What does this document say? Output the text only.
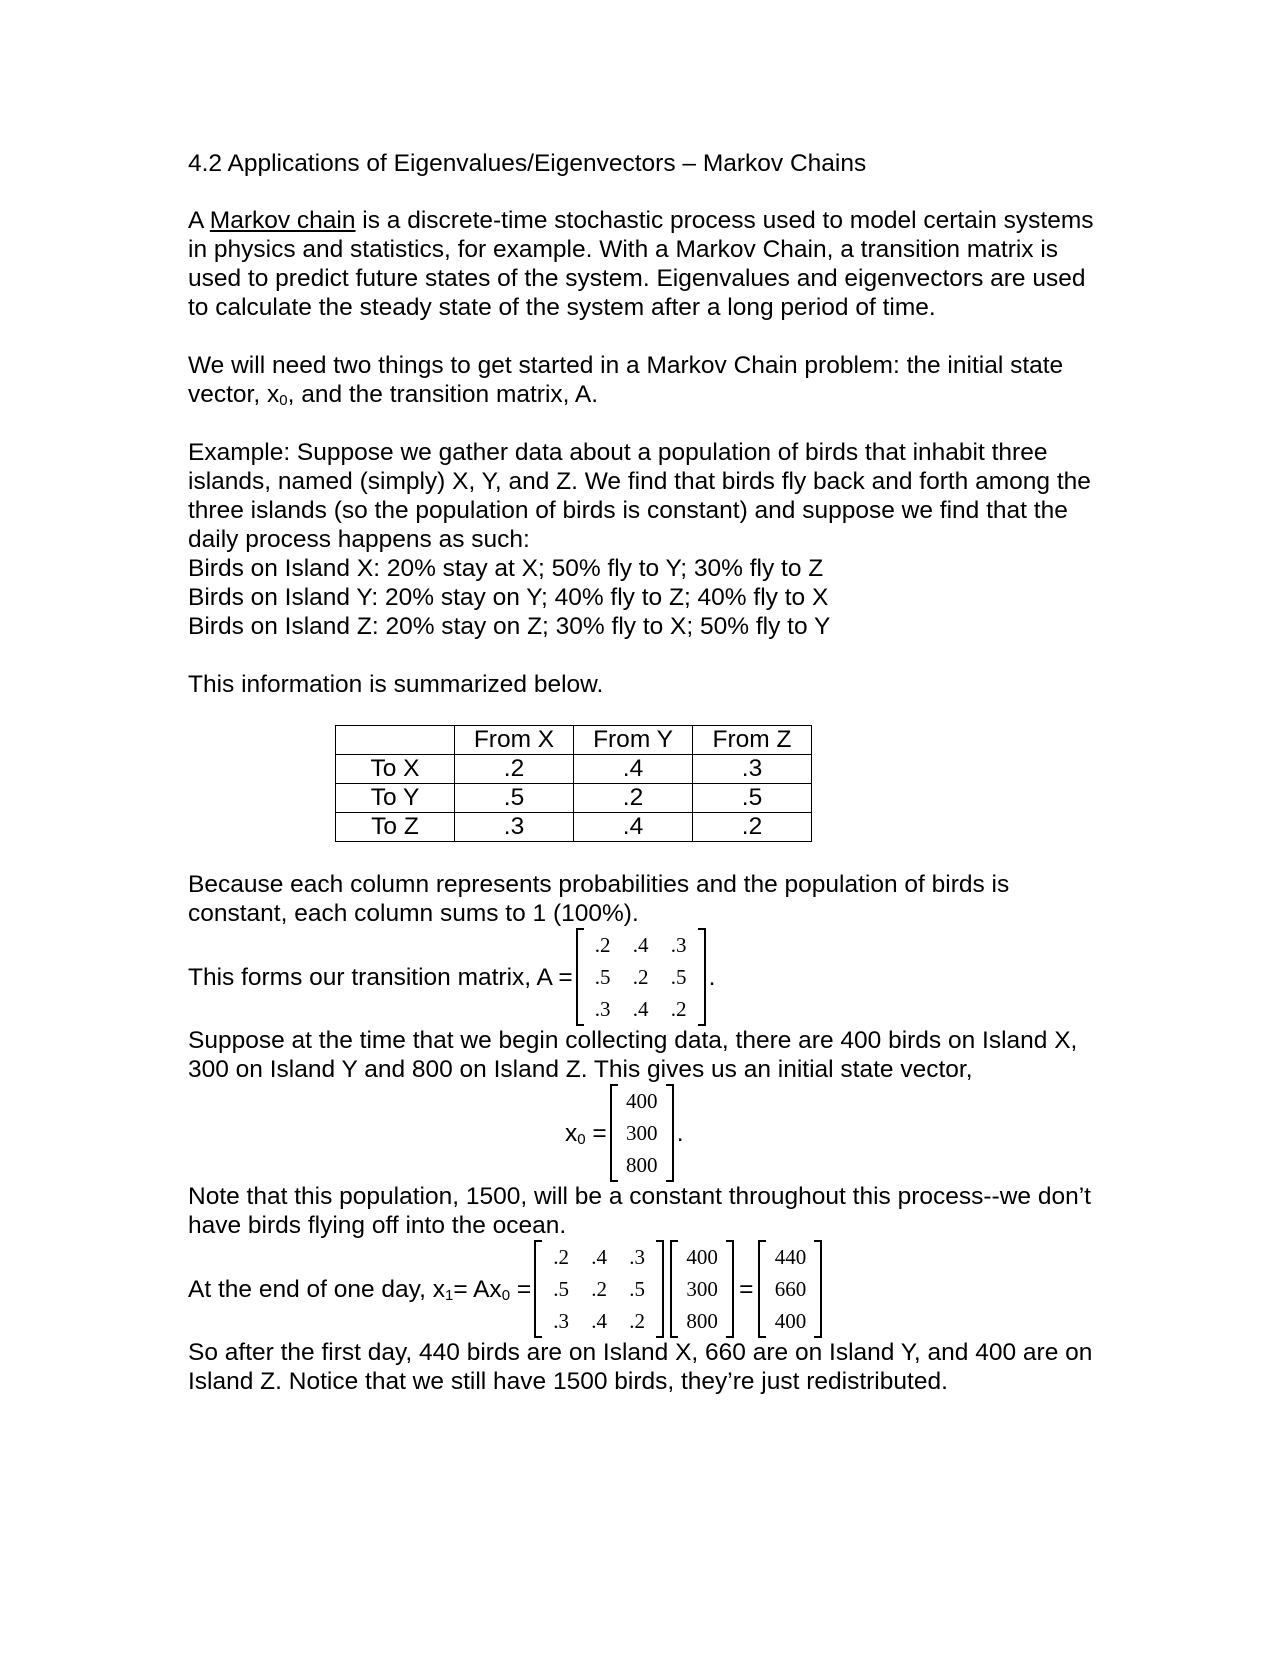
4.2 Applications of Eigenvalues/Eigenvectors – Markov Chains

A Markov chain is a discrete-time stochastic process used to model certain systems in physics and statistics, for example. With a Markov Chain, a transition matrix is used to predict future states of the system. Eigenvalues and eigenvectors are used to calculate the steady state of the system after a long period of time.

We will need two things to get started in a Markov Chain problem: the initial state vector, $x_0$, and the transition matrix, A.

Example: Suppose we gather data about a population of birds that inhabit three islands, named (simply) X, Y, and Z. We find that birds fly back and forth among the three islands (so the population of birds is constant) and suppose we find that the daily process happens as such:

Birds on Island X: 20% stay at X; 50% fly to Y; 30% fly to Z

Birds on Island Y: 20% stay on Y; 40% fly to Z; 40% fly to X

Birds on Island Z: 20% stay on Z; 30% fly to X; 50% fly to Y

This information is summarized below.

	From X	From Y	From Z
To X	.2	.4	.3
To Y	.5	.2	.5
To Z	.3	.4	.2

Because each column represents probabilities and the population of birds is constant, each column sums to 1 (100%).

This forms our transition matrix, A =
.2	.4	.3
.5	.2	.5
.3	.4	.2
.

Suppose at the time that we begin collecting data, there are 400 birds on Island X, 300 on Island Y and 800 on Island Z. This gives us an initial state vector,

$x_0$ =
400
300
800
.

Note that this population, 1500, will be a constant throughout this process--we don’t have birds flying off into the ocean.

At the end of one day, $x_1= Ax_0$ =
.2	.4	.3
.5	.2	.5
.3	.4	.2
400
300
800
=
440
660
400

So after the first day, 440 birds are on Island X, 660 are on Island Y, and 400 are on Island Z. Notice that we still have 1500 birds, they’re just redistributed.
